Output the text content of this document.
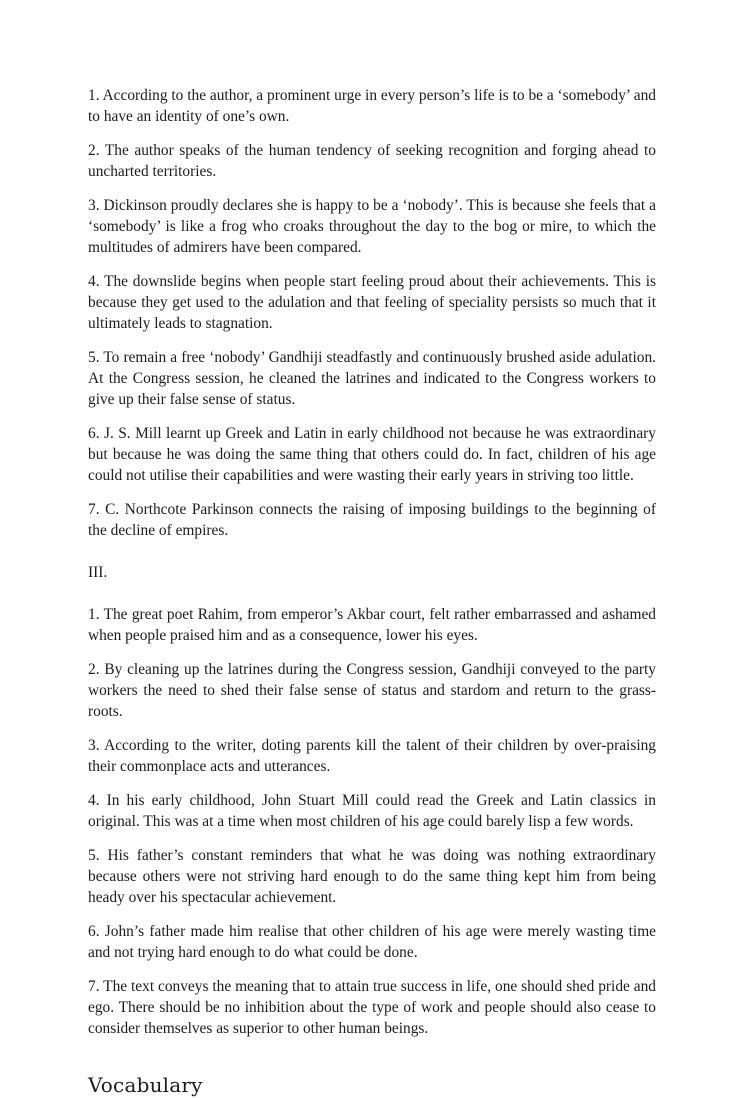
1. According to the author, a prominent urge in every person’s life is to be a ‘somebody’ and to have an identity of one’s own.

2. The author speaks of the human tendency of seeking recognition and forging ahead to uncharted territories.

3. Dickinson proudly declares she is happy to be a ‘nobody’. This is because she feels that a ‘somebody’ is like a frog who croaks throughout the day to the bog or mire, to which the multitudes of admirers have been compared.

4. The downslide begins when people start feeling proud about their achievements. This is because they get used to the adulation and that feeling of speciality persists so much that it ultimately leads to stagnation.

5. To remain a free ‘nobody’ Gandhiji steadfastly and continuously brushed aside adulation. At the Congress session, he cleaned the latrines and indicated to the Congress workers to give up their false sense of status.

6. J. S. Mill learnt up Greek and Latin in early childhood not because he was extraordinary but because he was doing the same thing that others could do. In fact, children of his age could not utilise their capabilities and were wasting their early years in striving too little.

7. C. Northcote Parkinson connects the raising of imposing buildings to the beginning of the decline of empires.

III.

1. The great poet Rahim, from emperor’s Akbar court, felt rather embarrassed and ashamed when people praised him and as a consequence, lower his eyes.

2. By cleaning up the latrines during the Congress session, Gandhiji conveyed to the party workers the need to shed their false sense of status and stardom and return to the grass-roots.

3. According to the writer, doting parents kill the talent of their children by over-praising their commonplace acts and utterances.

4. In his early childhood, John Stuart Mill could read the Greek and Latin classics in original. This was at a time when most children of his age could barely lisp a few words.

5. His father’s constant reminders that what he was doing was nothing extraordinary because others were not striving hard enough to do the same thing kept him from being heady over his spectacular achievement.

6. John’s father made him realise that other children of his age were merely wasting time and not trying hard enough to do what could be done.

7. The text conveys the meaning that to attain true success in life, one should shed pride and ego. There should be no inhibition about the type of work and people should also cease to consider themselves as superior to other human beings.

Vocabulary
